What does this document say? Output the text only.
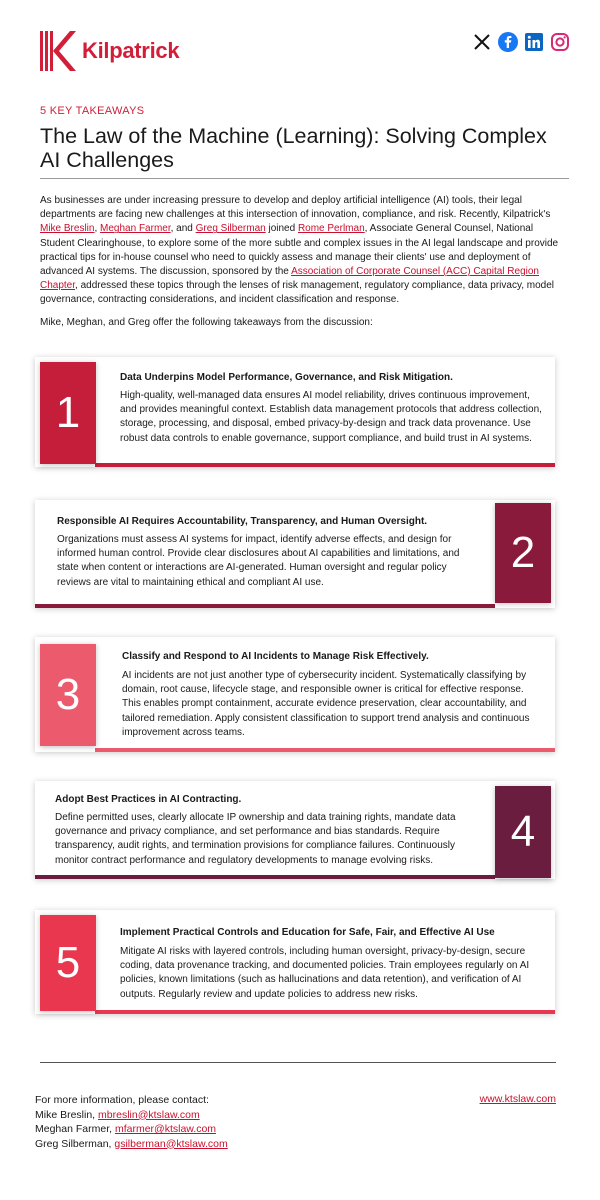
Kilpatrick
5 KEY TAKEAWAYS
The Law of the Machine (Learning): Solving Complex AI Challenges

As businesses are under increasing pressure to develop and deploy artificial intelligence (AI) tools, their legal departments are facing new challenges at this intersection of innovation, compliance, and risk. Recently, Kilpatrick's Mike Breslin, Meghan Farmer, and Greg Silberman joined Rome Perlman, Associate General Counsel, National Student Clearinghouse, to explore some of the more subtle and complex issues in the AI legal landscape and provide practical tips for in-house counsel who need to quickly assess and manage their clients' use and deployment of advanced AI systems. The discussion, sponsored by the Association of Corporate Counsel (ACC) Capital Region Chapter, addressed these topics through the lenses of risk management, regulatory compliance, data privacy, model governance, contracting considerations, and incident classification and response.

Mike, Meghan, and Greg offer the following takeaways from the discussion:

1

Data Underpins Model Performance, Governance, and Risk Mitigation.

High-quality, well-managed data ensures AI model reliability, drives continuous improvement, and provides meaningful context. Establish data management protocols that address collection, storage, processing, and disposal, embed privacy-by-design and track data provenance. Use robust data controls to enable governance, support compliance, and build trust in AI systems.

2

Responsible AI Requires Accountability, Transparency, and Human Oversight.

Organizations must assess AI systems for impact, identify adverse effects, and design for informed human control. Provide clear disclosures about AI capabilities and limitations, and state when content or interactions are AI-generated. Human oversight and regular policy reviews are vital to maintaining ethical and compliant AI use.

3

Classify and Respond to AI Incidents to Manage Risk Effectively.

AI incidents are not just another type of cybersecurity incident. Systematically classifying by domain, root cause, lifecycle stage, and responsible owner is critical for effective response. This enables prompt containment, accurate evidence preservation, clear accountability, and tailored remediation. Apply consistent classification to support trend analysis and continuous improvement across teams.

4

Adopt Best Practices in AI Contracting.

Define permitted uses, clearly allocate IP ownership and data training rights, mandate data governance and privacy compliance, and set performance and bias standards. Require transparency, audit rights, and termination provisions for compliance failures. Continuously monitor contract performance and regulatory developments to manage evolving risks.

5

Implement Practical Controls and Education for Safe, Fair, and Effective AI Use

Mitigate AI risks with layered controls, including human oversight, privacy-by-design, secure coding, data provenance tracking, and documented policies. Train employees regularly on AI policies, known limitations (such as hallucinations and data retention), and verification of AI outputs. Regularly review and update policies to address new risks.

For more information, please contact:
Mike Breslin, mbreslin@ktslaw.com
Meghan Farmer, mfarmer@ktslaw.com
Greg Silberman, gsilberman@ktslaw.com
www.ktslaw.com
